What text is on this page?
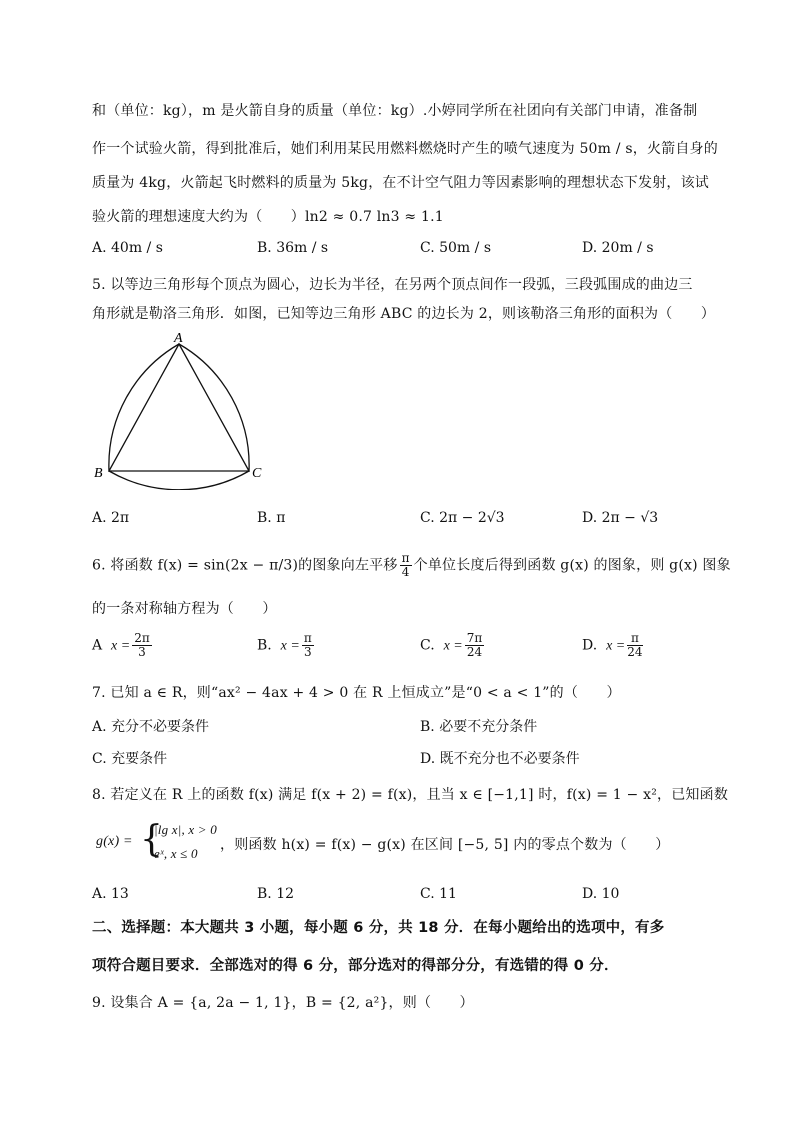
和（单位：kg），m 是火箭自身的质量（单位：kg）.小婷同学所在社团向有关部门申请，准备制
作一个试验火箭，得到批准后，她们利用某民用燃料燃烧时产生的喷气速度为 50m / s，火箭自身的
质量为 4kg，火箭起飞时燃料的质量为 5kg，在不计空气阻力等因素影响的理想状态下发射，该试
验火箭的理想速度大约为（　　）ln2 ≈ 0.7 ln3 ≈ 1.1
A. 40m / s	B. 36m / s	C. 50m / s	D. 20m / s
5. 以等边三角形每个顶点为圆心，边长为半径，在另两个顶点间作一段弧，三段弧围成的曲边三
角形就是勒洛三角形．如图，已知等边三角形 ABC 的边长为 2，则该勒洛三角形的面积为（　　）
A
B	C
A. 2π	B. π	C. 2π − 2√3	D. 2π − √3
6. 将函数 f(x) = sin(2x − π/3)的图象向左平移 $\frac{\pi}{4}$ 个单位长度后得到函数 g(x) 的图象，则 g(x) 图象
的一条对称轴方程为（　　）
A $x = \frac{2\pi}{3}$	B. $x = \frac{\pi}{3}$	C. $x = \frac{7\pi}{24}$	D. $x = \frac{\pi}{24}$
7. 已知 a ∈ R，则“ax² − 4ax + 4 > 0 在 R 上恒成立”是“0 < a < 1”的（　　）
A. 充分不必要条件	B. 必要不充分条件
C. 充要条件	D. 既不充分也不必要条件
8. 若定义在 R 上的函数 f(x) 满足 f(x + 2) = f(x)，且当 x ∈ [−1,1] 时，f(x) = 1 − x²，已知函数
g(x) = {
|lg x|, x > 0
eˣ, x ≤ 0
，则函数 h(x) = f(x) − g(x) 在区间 [−5, 5] 内的零点个数为（　　）
A. 13	B. 12	C. 11	D. 10
二、选择题：本大题共 3 小题，每小题 6 分，共 18 分．在每小题给出的选项中，有多
项符合题目要求．全部选对的得 6 分，部分选对的得部分分，有选错的得 0 分．
9. 设集合 A = {a, 2a − 1, 1}，B = {2, a²}，则（　　）
